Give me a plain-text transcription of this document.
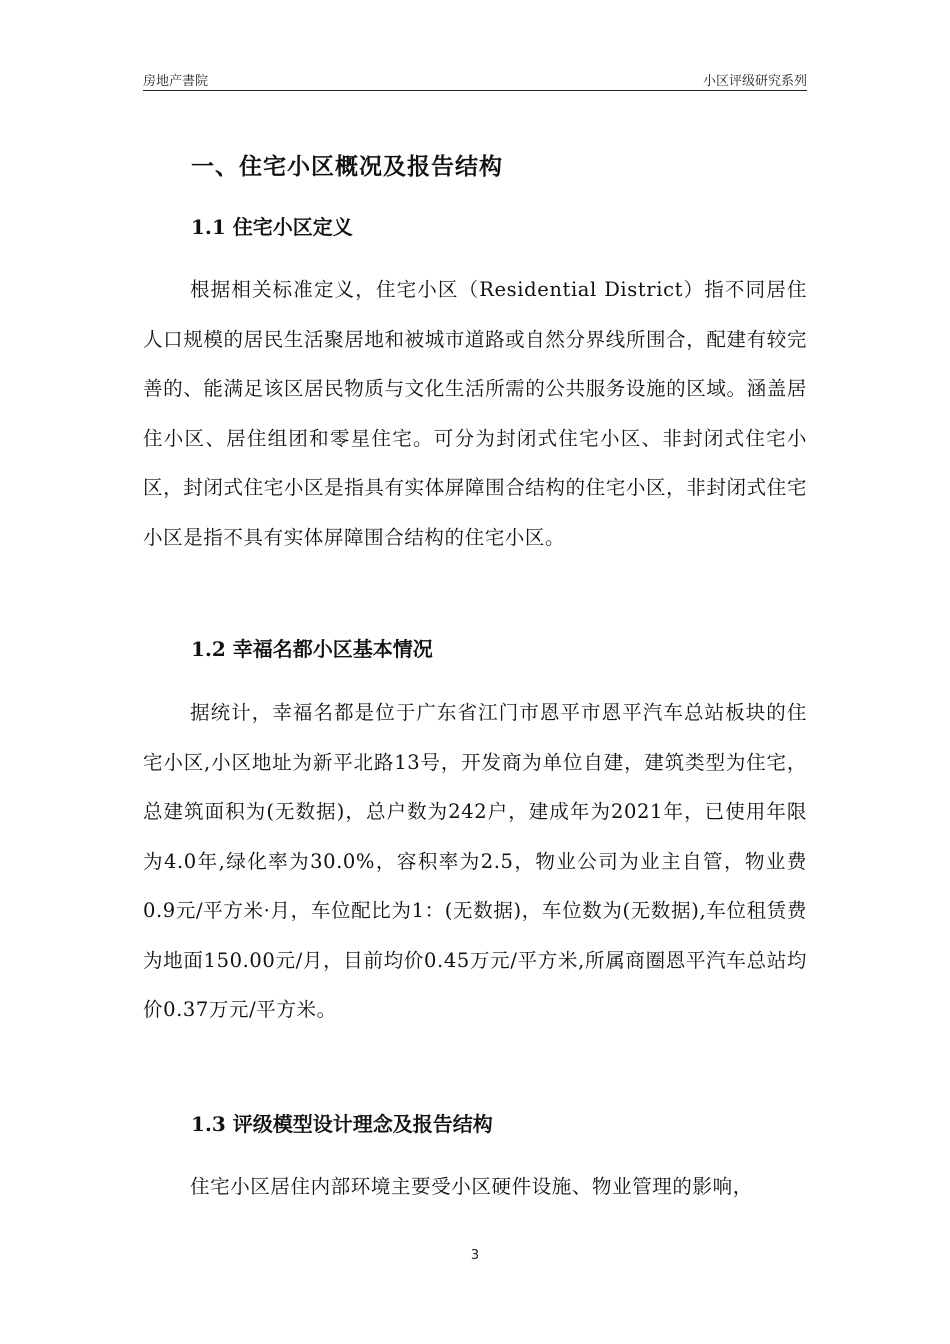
房地产書院	小区评级研究系列
一、住宅小区概况及报告结构
1.1 住宅小区定义

根据相关标准定义，住宅小区（Residential District）指不同居住人口规模的居民生活聚居地和被城市道路或自然分界线所围合，配建有较完善的、能满足该区居民物质与文化生活所需的公共服务设施的区域。涵盖居住小区、居住组团和零星住宅。可分为封闭式住宅小区、非封闭式住宅小区，封闭式住宅小区是指具有实体屏障围合结构的住宅小区，非封闭式住宅小区是指不具有实体屏障围合结构的住宅小区。

1.2 幸福名都小区基本情况

据统计，幸福名都是位于广东省江门市恩平市恩平汽车总站板块的住宅小区,小区地址为新平北路13号，开发商为单位自建，建筑类型为住宅，总建筑面积为(无数据)，总户数为242户，建成年为2021年，已使用年限为4.0年,绿化率为30.0%，容积率为2.5，物业公司为业主自管，物业费0.9元/平方米·月，车位配比为1：(无数据)，车位数为(无数据),车位租赁费为地面150.00元/月，目前均价0.45万元/平方米,所属商圈恩平汽车总站均价0.37万元/平方米。

1.3 评级模型设计理念及报告结构

住宅小区居住内部环境主要受小区硬件设施、物业管理的影响，

3
